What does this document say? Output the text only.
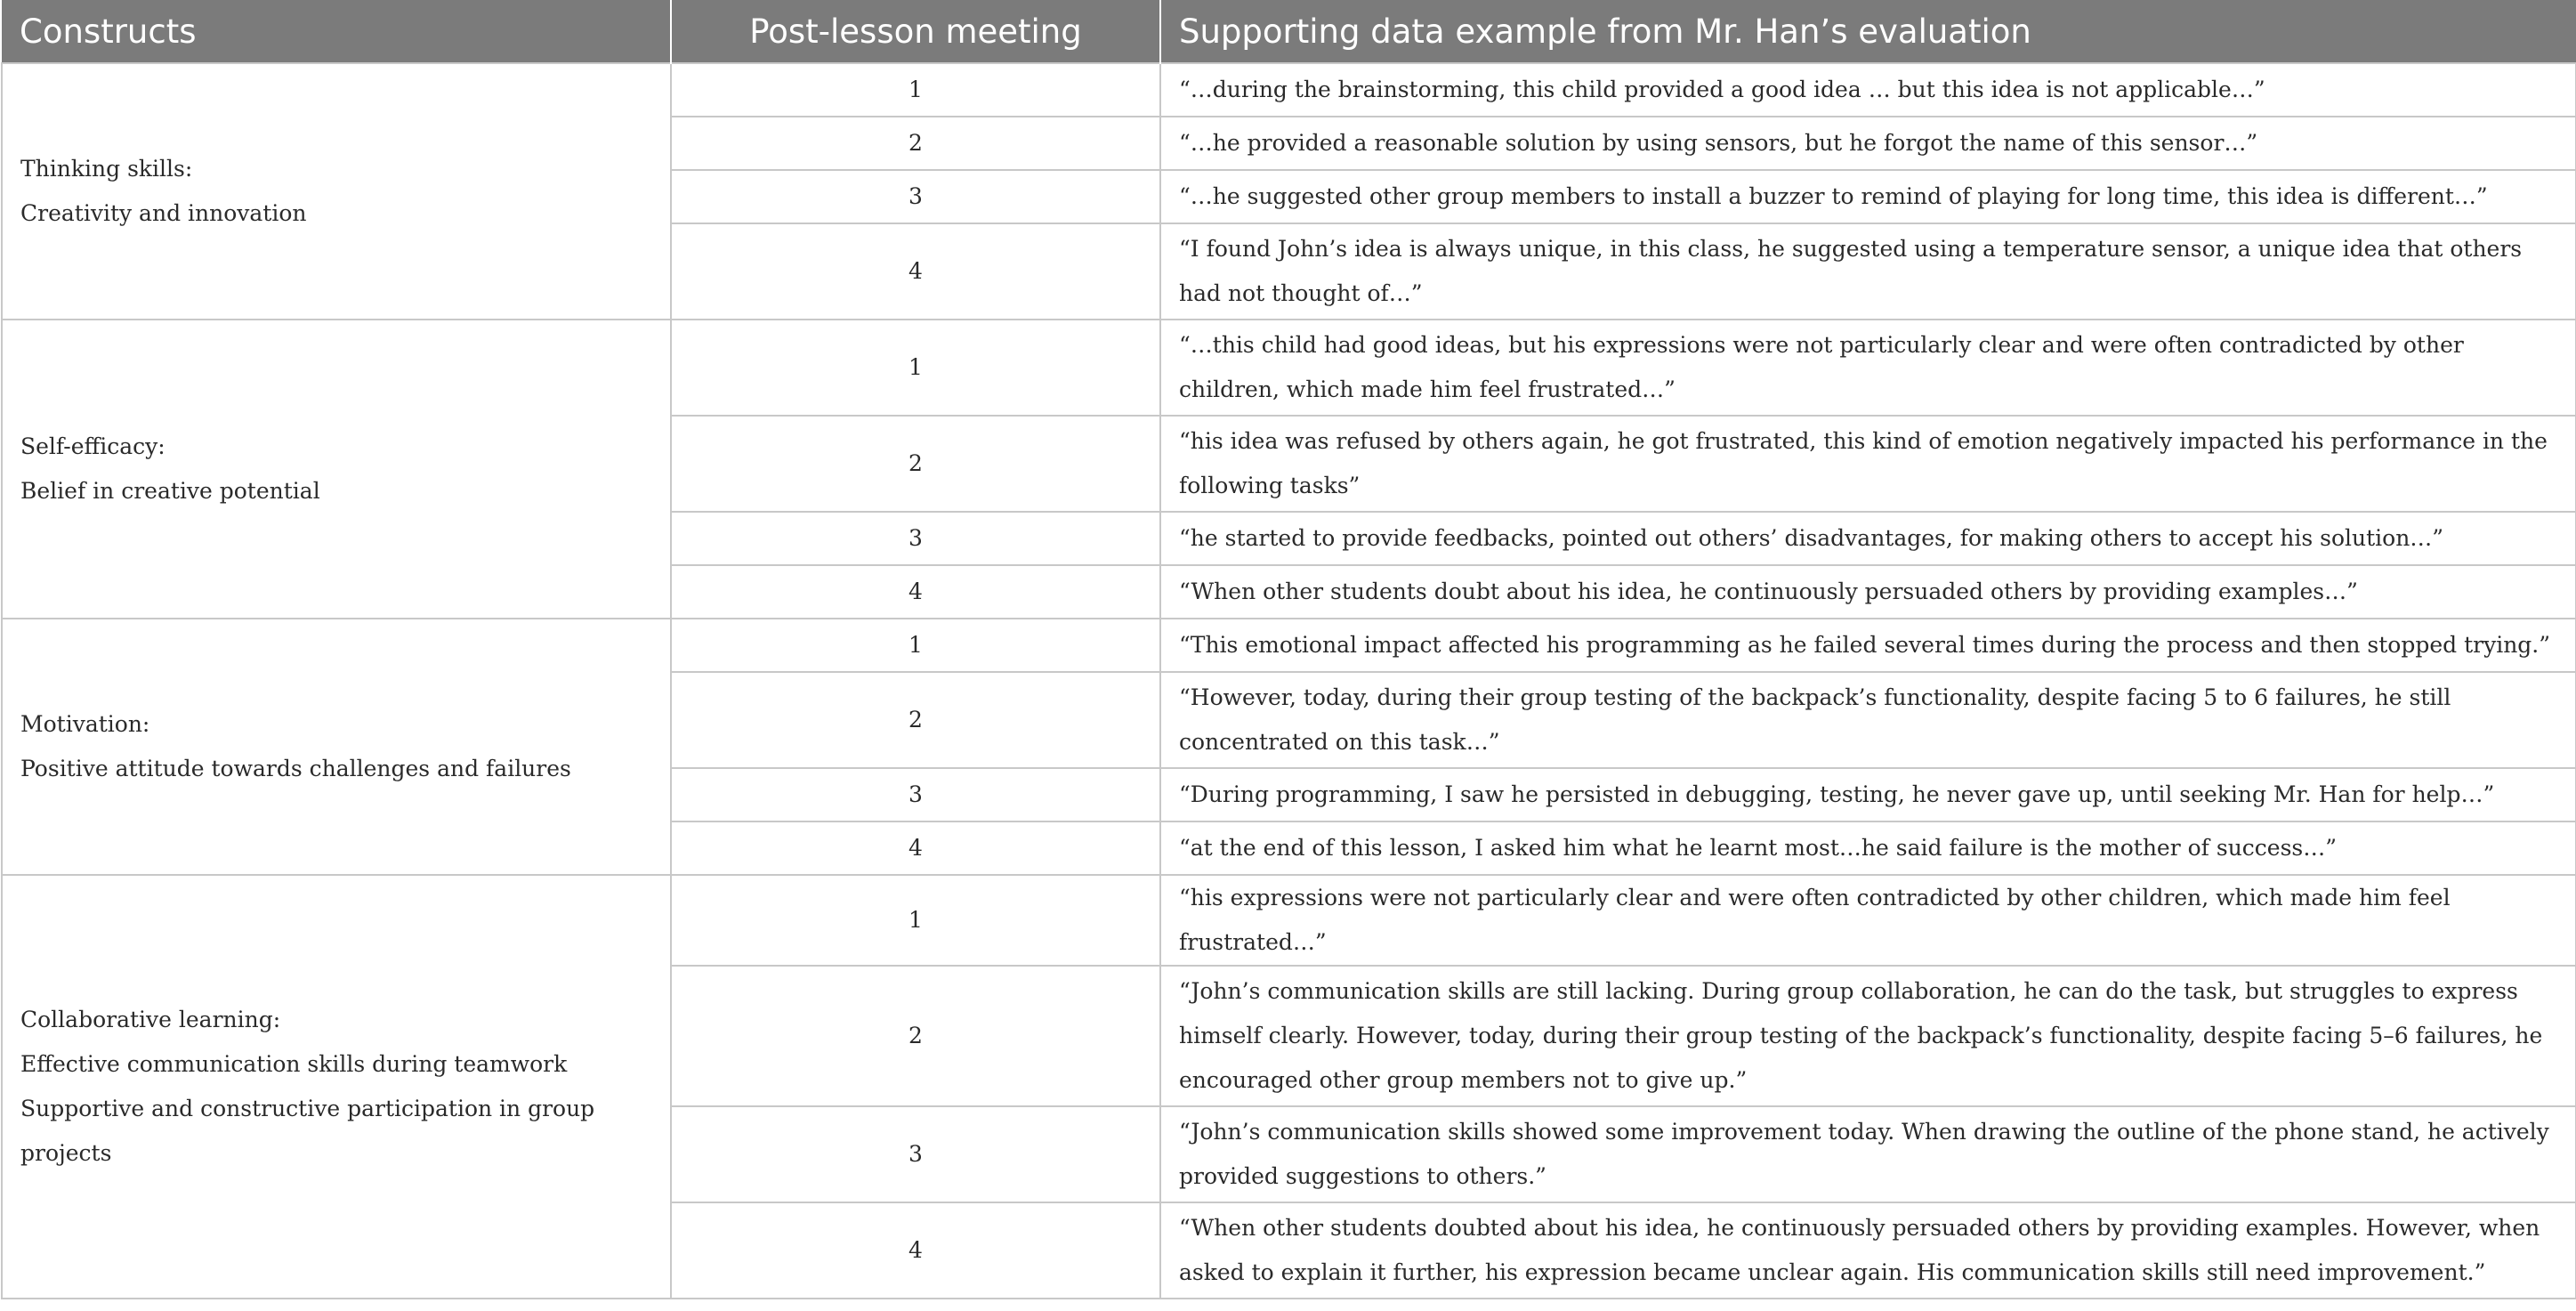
Constructs	Post-lesson meeting	Supporting data example from Mr. Han’s evaluation

Thinking skills:
Creativity and innovation	1	“…during the brainstorming, this child provided a good idea … but this idea is not applicable…”
	2	“…he provided a reasonable solution by using sensors, but he forgot the name of this sensor…”
	3	“…he suggested other group members to install a buzzer to remind of playing for long time, this idea is different…”
	4	“I found John’s idea is always unique, in this class, he suggested using a temperature sensor, a unique idea that others had not thought of…”

Self-efficacy:
Belief in creative potential	1	“…this child had good ideas, but his expressions were not particularly clear and were often contradicted by other children, which made him feel frustrated…”
	2	“his idea was refused by others again, he got frustrated, this kind of emotion negatively impacted his performance in the following tasks”
	3	“he started to provide feedbacks, pointed out others’ disadvantages, for making others to accept his solution…”
	4	“When other students doubt about his idea, he continuously persuaded others by providing examples…”

Motivation:
Positive attitude towards challenges and failures	1	“This emotional impact affected his programming as he failed several times during the process and then stopped trying.”
	2	“However, today, during their group testing of the backpack’s functionality, despite facing 5 to 6 failures, he still concentrated on this task…”
	3	“During programming, I saw he persisted in debugging, testing, he never gave up, until seeking Mr. Han for help…”
	4	“at the end of this lesson, I asked him what he learnt most…he said failure is the mother of success…”

Collaborative learning:
Effective communication skills during teamwork
Supportive and constructive participation in group projects	1	“his expressions were not particularly clear and were often contradicted by other children, which made him feel frustrated…”
	2	“John’s communication skills are still lacking. During group collaboration, he can do the task, but struggles to express himself clearly. However, today, during their group testing of the backpack’s functionality, despite facing 5–6 failures, he encouraged other group members not to give up.”
	3	“John’s communication skills showed some improvement today. When drawing the outline of the phone stand, he actively provided suggestions to others.”
	4	“When other students doubted about his idea, he continuously persuaded others by providing examples. However, when asked to explain it further, his expression became unclear again. His communication skills still need improvement.”
